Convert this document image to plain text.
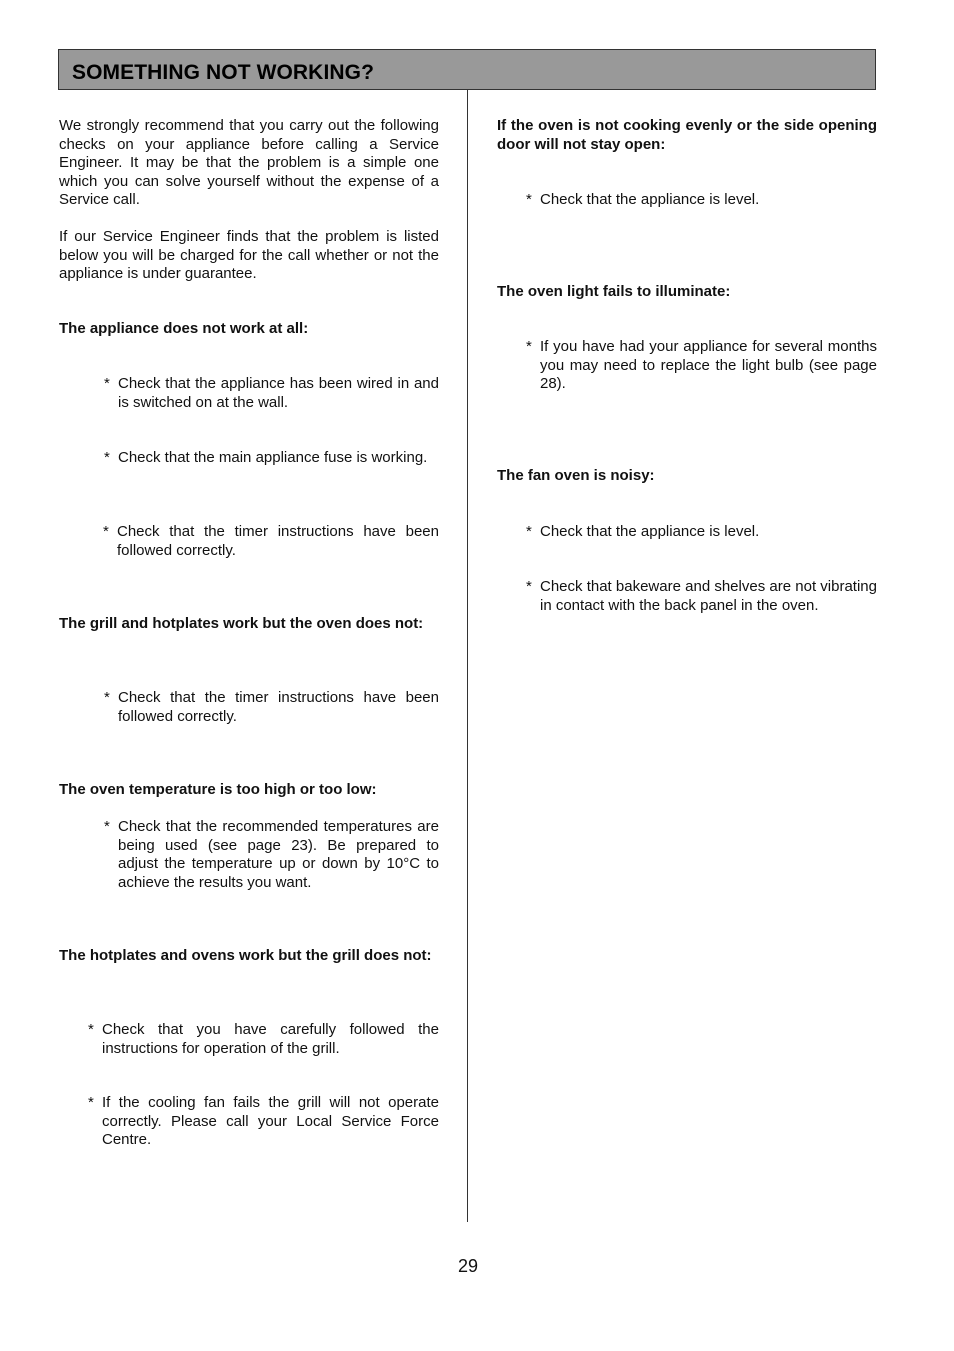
SOMETHING NOT WORKING?
We strongly recommend that you carry out the following checks on your appliance before calling a Service Engineer. It may be that the problem is a simple one which you can solve yourself without the expense of a Service call.
If our Service Engineer finds that the problem is listed below you will be charged for the call whether or not the appliance is under guarantee.
The appliance does not work at all:
* Check that the appliance has been wired in and is switched on at the wall.
* Check that the main appliance fuse is working.
* Check that the timer instructions have been followed correctly.
The grill and hotplates work but the oven does not:
* Check that the timer instructions have been followed correctly.
The oven temperature is too high or too low:
* Check that the recommended temperatures are being used (see page 23). Be prepared to adjust the temperature up or down by 10°C to achieve the results you want.
The hotplates and ovens work but the grill does not:
* Check that you have carefully followed the instructions for operation of the grill.
* If the cooling fan fails the grill will not operate correctly. Please call your Local Service Force Centre.
If the oven is not cooking evenly or the side opening door will not stay open:
* Check that the appliance is level.
The oven light fails to illuminate:
* If you have had your appliance for several months you may need to replace the light bulb (see page 28).
The fan oven is noisy:
* Check that the appliance is level.
* Check that bakeware and shelves are not vibrating in contact with the back panel in the oven.
29
